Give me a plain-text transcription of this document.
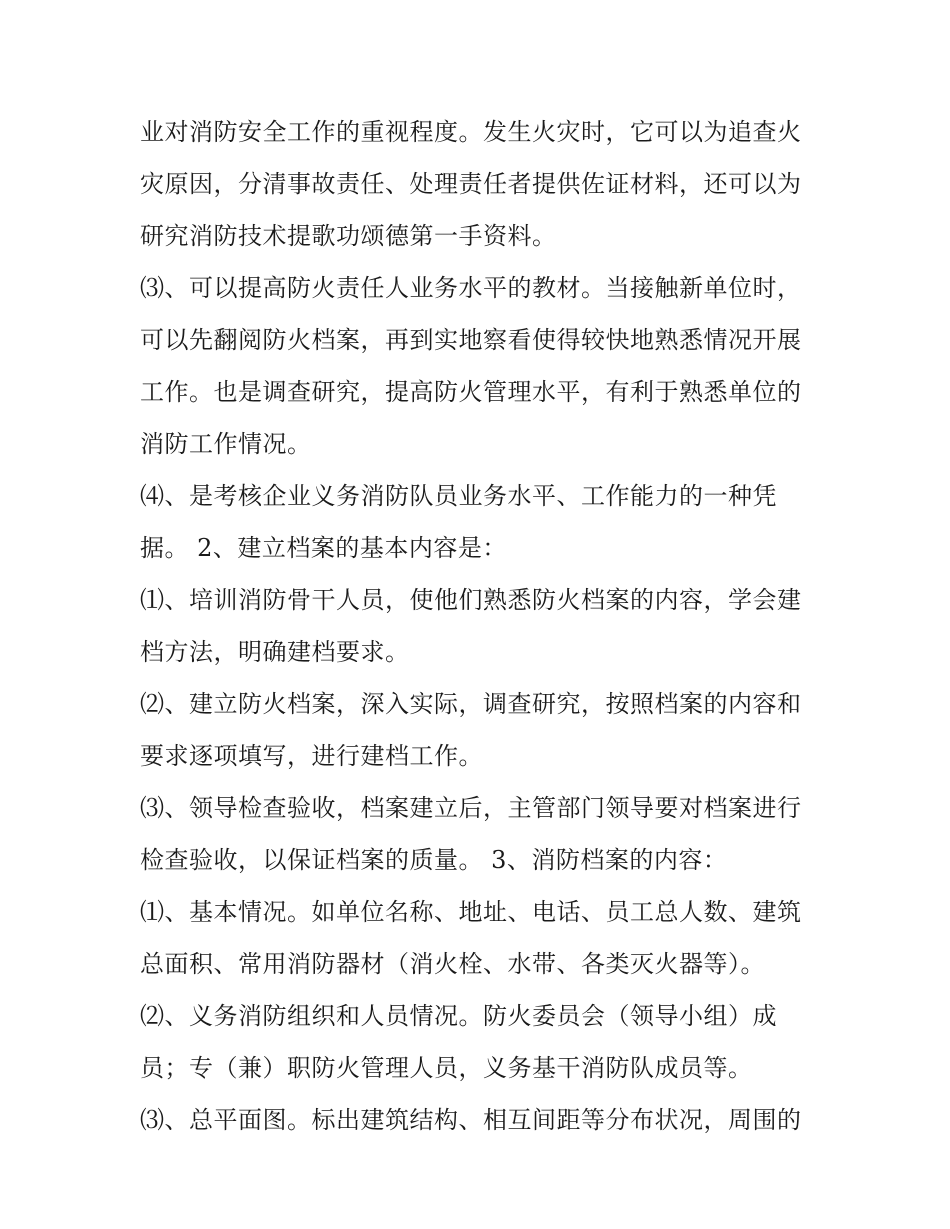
业对消防安全工作的重视程度。发生火灾时，它可以为追查火
灾原因，分清事故责任、处理责任者提供佐证材料，还可以为
研究消防技术提歌功颂德第一手资料。
⑶、可以提高防火责任人业务水平的教材。当接触新单位时，
可以先翻阅防火档案，再到实地察看使得较快地熟悉情况开展
工作。也是调查研究，提高防火管理水平，有利于熟悉单位的
消防工作情况。
⑷、是考核企业义务消防队员业务水平、工作能力的一种凭
据。 2、建立档案的基本内容是：
⑴、培训消防骨干人员，使他们熟悉防火档案的内容，学会建
档方法，明确建档要求。
⑵、建立防火档案，深入实际，调查研究，按照档案的内容和
要求逐项填写，进行建档工作。
⑶、领导检查验收，档案建立后，主管部门领导要对档案进行
检查验收，以保证档案的质量。 3、消防档案的内容：
⑴、基本情况。如单位名称、地址、电话、员工总人数、建筑
总面积、常用消防器材（消火栓、水带、各类灭火器等）。
⑵、义务消防组织和人员情况。防火委员会（领导小组）成
员；专（兼）职防火管理人员，义务基干消防队成员等。
⑶、总平面图。标出建筑结构、相互间距等分布状况，周围的
